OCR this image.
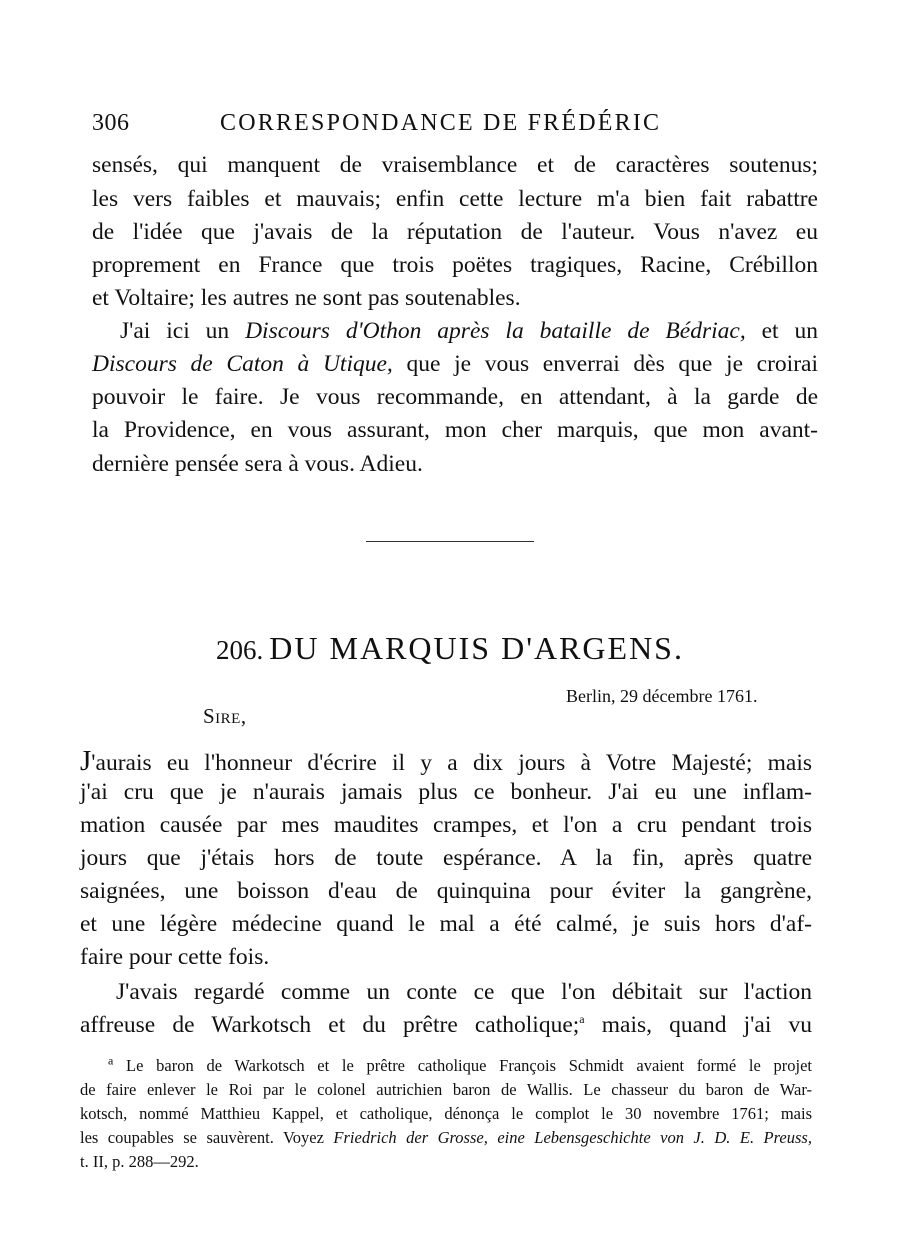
306	CORRESPONDANCE DE FRÉDÉRIC
sensés, qui manquent de vraisemblance et de caractères soutenus;
les vers faibles et mauvais; enfin cette lecture m'a bien fait rabattre
de l'idée que j'avais de la réputation de l'auteur. Vous n'avez eu
proprement en France que trois poëtes tragiques, Racine, Crébillon
et Voltaire; les autres ne sont pas soutenables.
J'ai ici un Discours d'Othon après la bataille de Bédriac, et un
Discours de Caton à Utique, que je vous enverrai dès que je croirai
pouvoir le faire. Je vous recommande, en attendant, à la garde de
la Providence, en vous assurant, mon cher marquis, que mon avant-
dernière pensée sera à vous. Adieu.
206. DU MARQUIS D'ARGENS.
Berlin, 29 décembre 1761.
Sire,
J'aurais eu l'honneur d'écrire il y a dix jours à Votre Majesté; mais
j'ai cru que je n'aurais jamais plus ce bonheur. J'ai eu une inflam-
mation causée par mes maudites crampes, et l'on a cru pendant trois
jours que j'étais hors de toute espérance. A la fin, après quatre
saignées, une boisson d'eau de quinquina pour éviter la gangrène,
et une légère médecine quand le mal a été calmé, je suis hors d'af-
faire pour cette fois.
J'avais regardé comme un conte ce que l'on débitait sur l'action
affreuse de Warkotsch et du prêtre catholique;$^a$ mais, quand j'ai vu
$^a$ Le baron de Warkotsch et le prêtre catholique François Schmidt avaient formé le projet
de faire enlever le Roi par le colonel autrichien baron de Wallis. Le chasseur du baron de War-
kotsch, nommé Matthieu Kappel, et catholique, dénonça le complot le 30 novembre 1761; mais
les coupables se sauvèrent. Voyez Friedrich der Grosse, eine Lebensgeschichte von J. D. E. Preuss,
t. II, p. 288—292.
